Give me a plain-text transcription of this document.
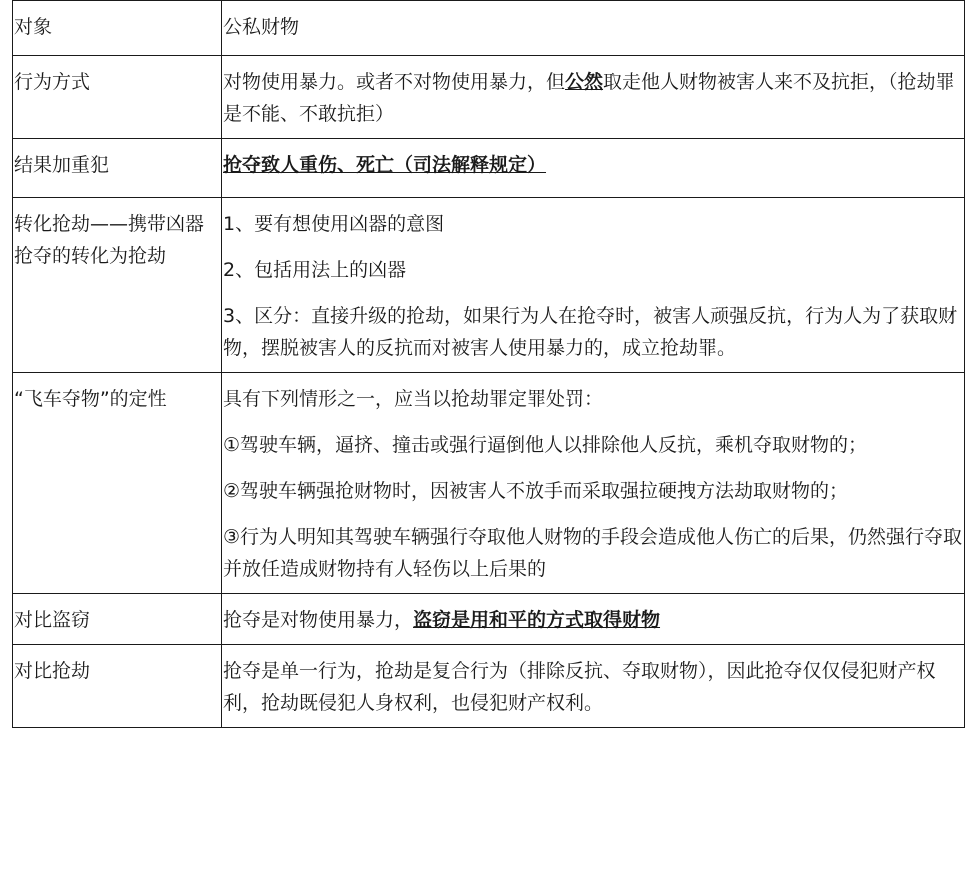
对象	公私财物
行为方式	对物使用暴力。或者不对物使用暴力，但公然取走他人财物被害人来不及抗拒，（抢劫罪是不能、不敢抗拒）
结果加重犯	抢夺致人重伤、死亡（司法解释规定）
转化抢劫——携带凶器抢夺的转化为抢劫	1、要有想使用凶器的意图

2、包括用法上的凶器

3、区分：直接升级的抢劫，如果行为人在抢夺时，被害人顽强反抗，行为人为了获取财物，摆脱被害人的反抗而对被害人使用暴力的，成立抢劫罪。

“飞车夺物”的定性	具有下列情形之一，应当以抢劫罪定罪处罚：

①驾驶车辆，逼挤、撞击或强行逼倒他人以排除他人反抗，乘机夺取财物的；

②驾驶车辆强抢财物时，因被害人不放手而采取强拉硬拽方法劫取财物的；

③行为人明知其驾驶车辆强行夺取他人财物的手段会造成他人伤亡的后果，仍然强行夺取并放任造成财物持有人轻伤以上后果的

对比盗窃	抢夺是对物使用暴力，盗窃是用和平的方式取得财物
对比抢劫	抢夺是单一行为，抢劫是复合行为（排除反抗、夺取财物），因此抢夺仅仅侵犯财产权利，抢劫既侵犯人身权利，也侵犯财产权利。
